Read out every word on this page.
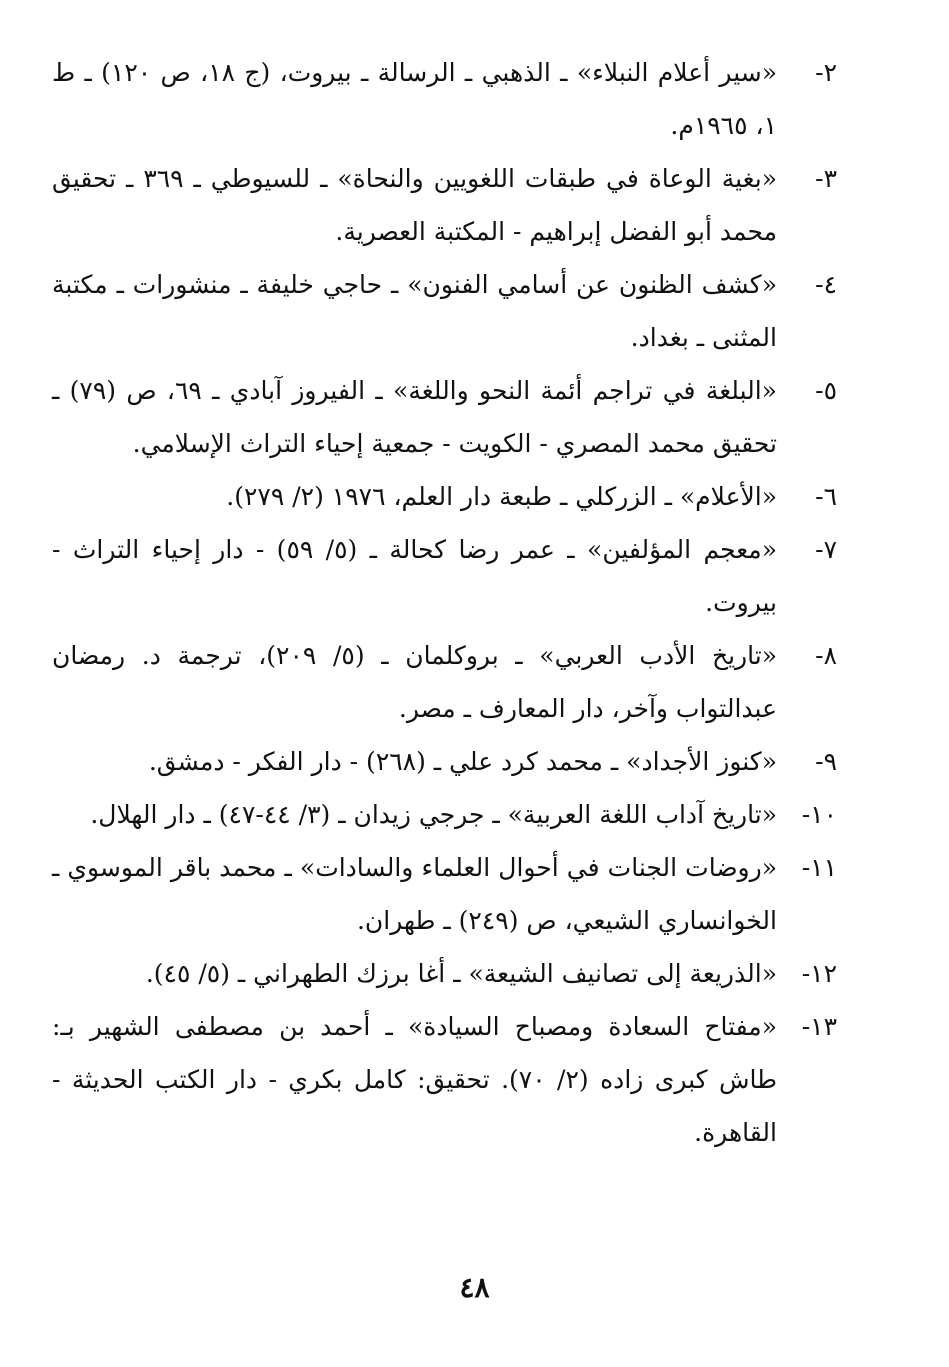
٢-
«سير أعلام النبلاء» ـ الذهبي ـ الرسالة ـ بيروت، (ج ١٨، ص ١٢٠) ـ ط ١، ١٩٦٥م.
٣-
«بغية الوعاة في طبقات اللغويين والنحاة» ـ للسيوطي ـ ٣٦٩ ـ تحقيق محمد أبو الفضل إبراهيم - المكتبة العصرية.
٤-
«كشف الظنون عن أسامي الفنون» ـ حاجي خليفة ـ منشورات ـ مكتبة المثنى ـ بغداد.
٥-
«البلغة في تراجم أئمة النحو واللغة» ـ الفيروز آبادي ـ ٦٩، ص (٧٩) ـ تحقيق محمد المصري - الكويت - جمعية إحياء التراث الإسلامي.
٦-
«الأعلام» ـ الزركلي ـ طبعة دار العلم، ١٩٧٦ (٢/ ٢٧٩).
٧-
«معجم المؤلفين» ـ عمر رضا كحالة ـ (٥/ ٥٩) - دار إحياء التراث - بيروت.
٨-
«تاريخ الأدب العربي» ـ بروكلمان ـ (٥/ ٢٠٩)، ترجمة د. رمضان عبدالتواب وآخر، دار المعارف ـ مصر.
٩-
«كنوز الأجداد» ـ محمد كرد علي ـ (٢٦٨) - دار الفكر - دمشق.
١٠-
«تاريخ آداب اللغة العربية» ـ جرجي زيدان ـ (٣/ ٤٤-٤٧) ـ دار الهلال.
١١-
«روضات الجنات في أحوال العلماء والسادات» ـ محمد باقر الموسوي ـ الخوانساري الشيعي، ص (٢٤٩) ـ طهران.
١٢-
«الذريعة إلى تصانيف الشيعة» ـ أغا برزك الطهراني ـ (٥/ ٤٥).
١٣-
«مفتاح السعادة ومصباح السيادة» ـ أحمد بن مصطفى الشهير بـ: طاش كبرى زاده (٢/ ٧٠). تحقيق: كامل بكري - دار الكتب الحديثة - القاهرة.
٤٨
